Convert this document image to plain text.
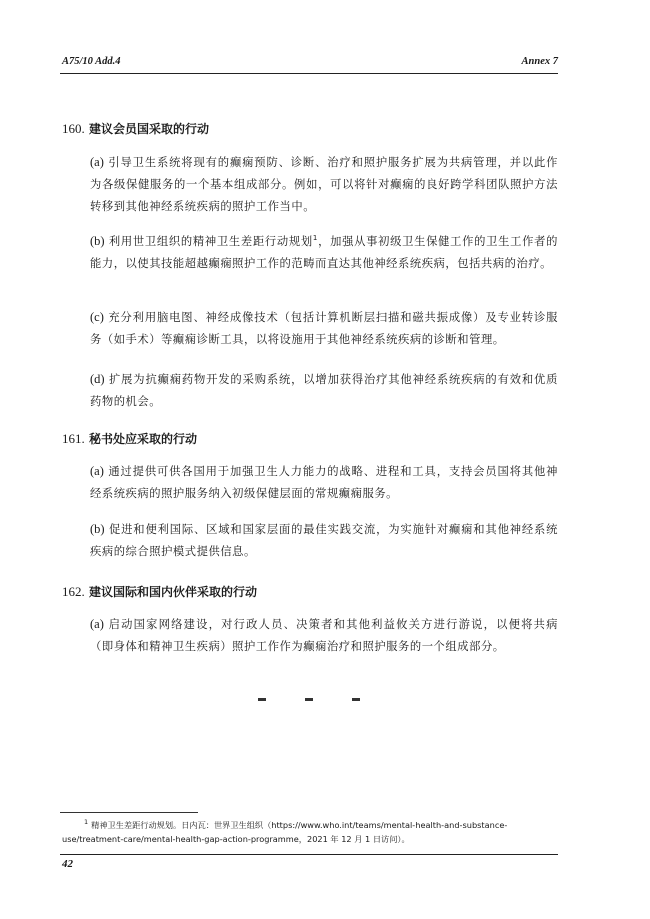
A75/10 Add.4	Annex 7
160. 建议会员国采取的行动
(a) 引导卫生系统将现有的癫痫预防、诊断、治疗和照护服务扩展为共病管理，并以此作为各级保健服务的一个基本组成部分。例如，可以将针对癫痫的良好跨学科团队照护方法转移到其他神经系统疾病的照护工作当中。
(b) 利用世卫组织的精神卫生差距行动规划$^1$，加强从事初级卫生保健工作的卫生工作者的能力，以使其技能超越癫痫照护工作的范畴而直达其他神经系统疾病，包括共病的治疗。
(c) 充分利用脑电图、神经成像技术（包括计算机断层扫描和磁共振成像）及专业转诊服务（如手术）等癫痫诊断工具，以将设施用于其他神经系统疾病的诊断和管理。
(d) 扩展为抗癫痫药物开发的采购系统，以增加获得治疗其他神经系统疾病的有效和优质药物的机会。
161. 秘书处应采取的行动
(a) 通过提供可供各国用于加强卫生人力能力的战略、进程和工具，支持会员国将其他神经系统疾病的照护服务纳入初级保健层面的常规癫痫服务。
(b) 促进和便利国际、区域和国家层面的最佳实践交流，为实施针对癫痫和其他神经系统疾病的综合照护模式提供信息。
162. 建议国际和国内伙伴采取的行动
(a) 启动国家网络建设，对行政人员、决策者和其他利益攸关方进行游说，以便将共病（即身体和精神卫生疾病）照护工作作为癫痫治疗和照护服务的一个组成部分。
$^1$ 精神卫生差距行动规划。日内瓦：世界卫生组织（https://www.who.int/teams/mental-health-and-substance-use/treatment-care/mental-health-gap-action-programme，2021 年 12 月 1 日访问）。
42
